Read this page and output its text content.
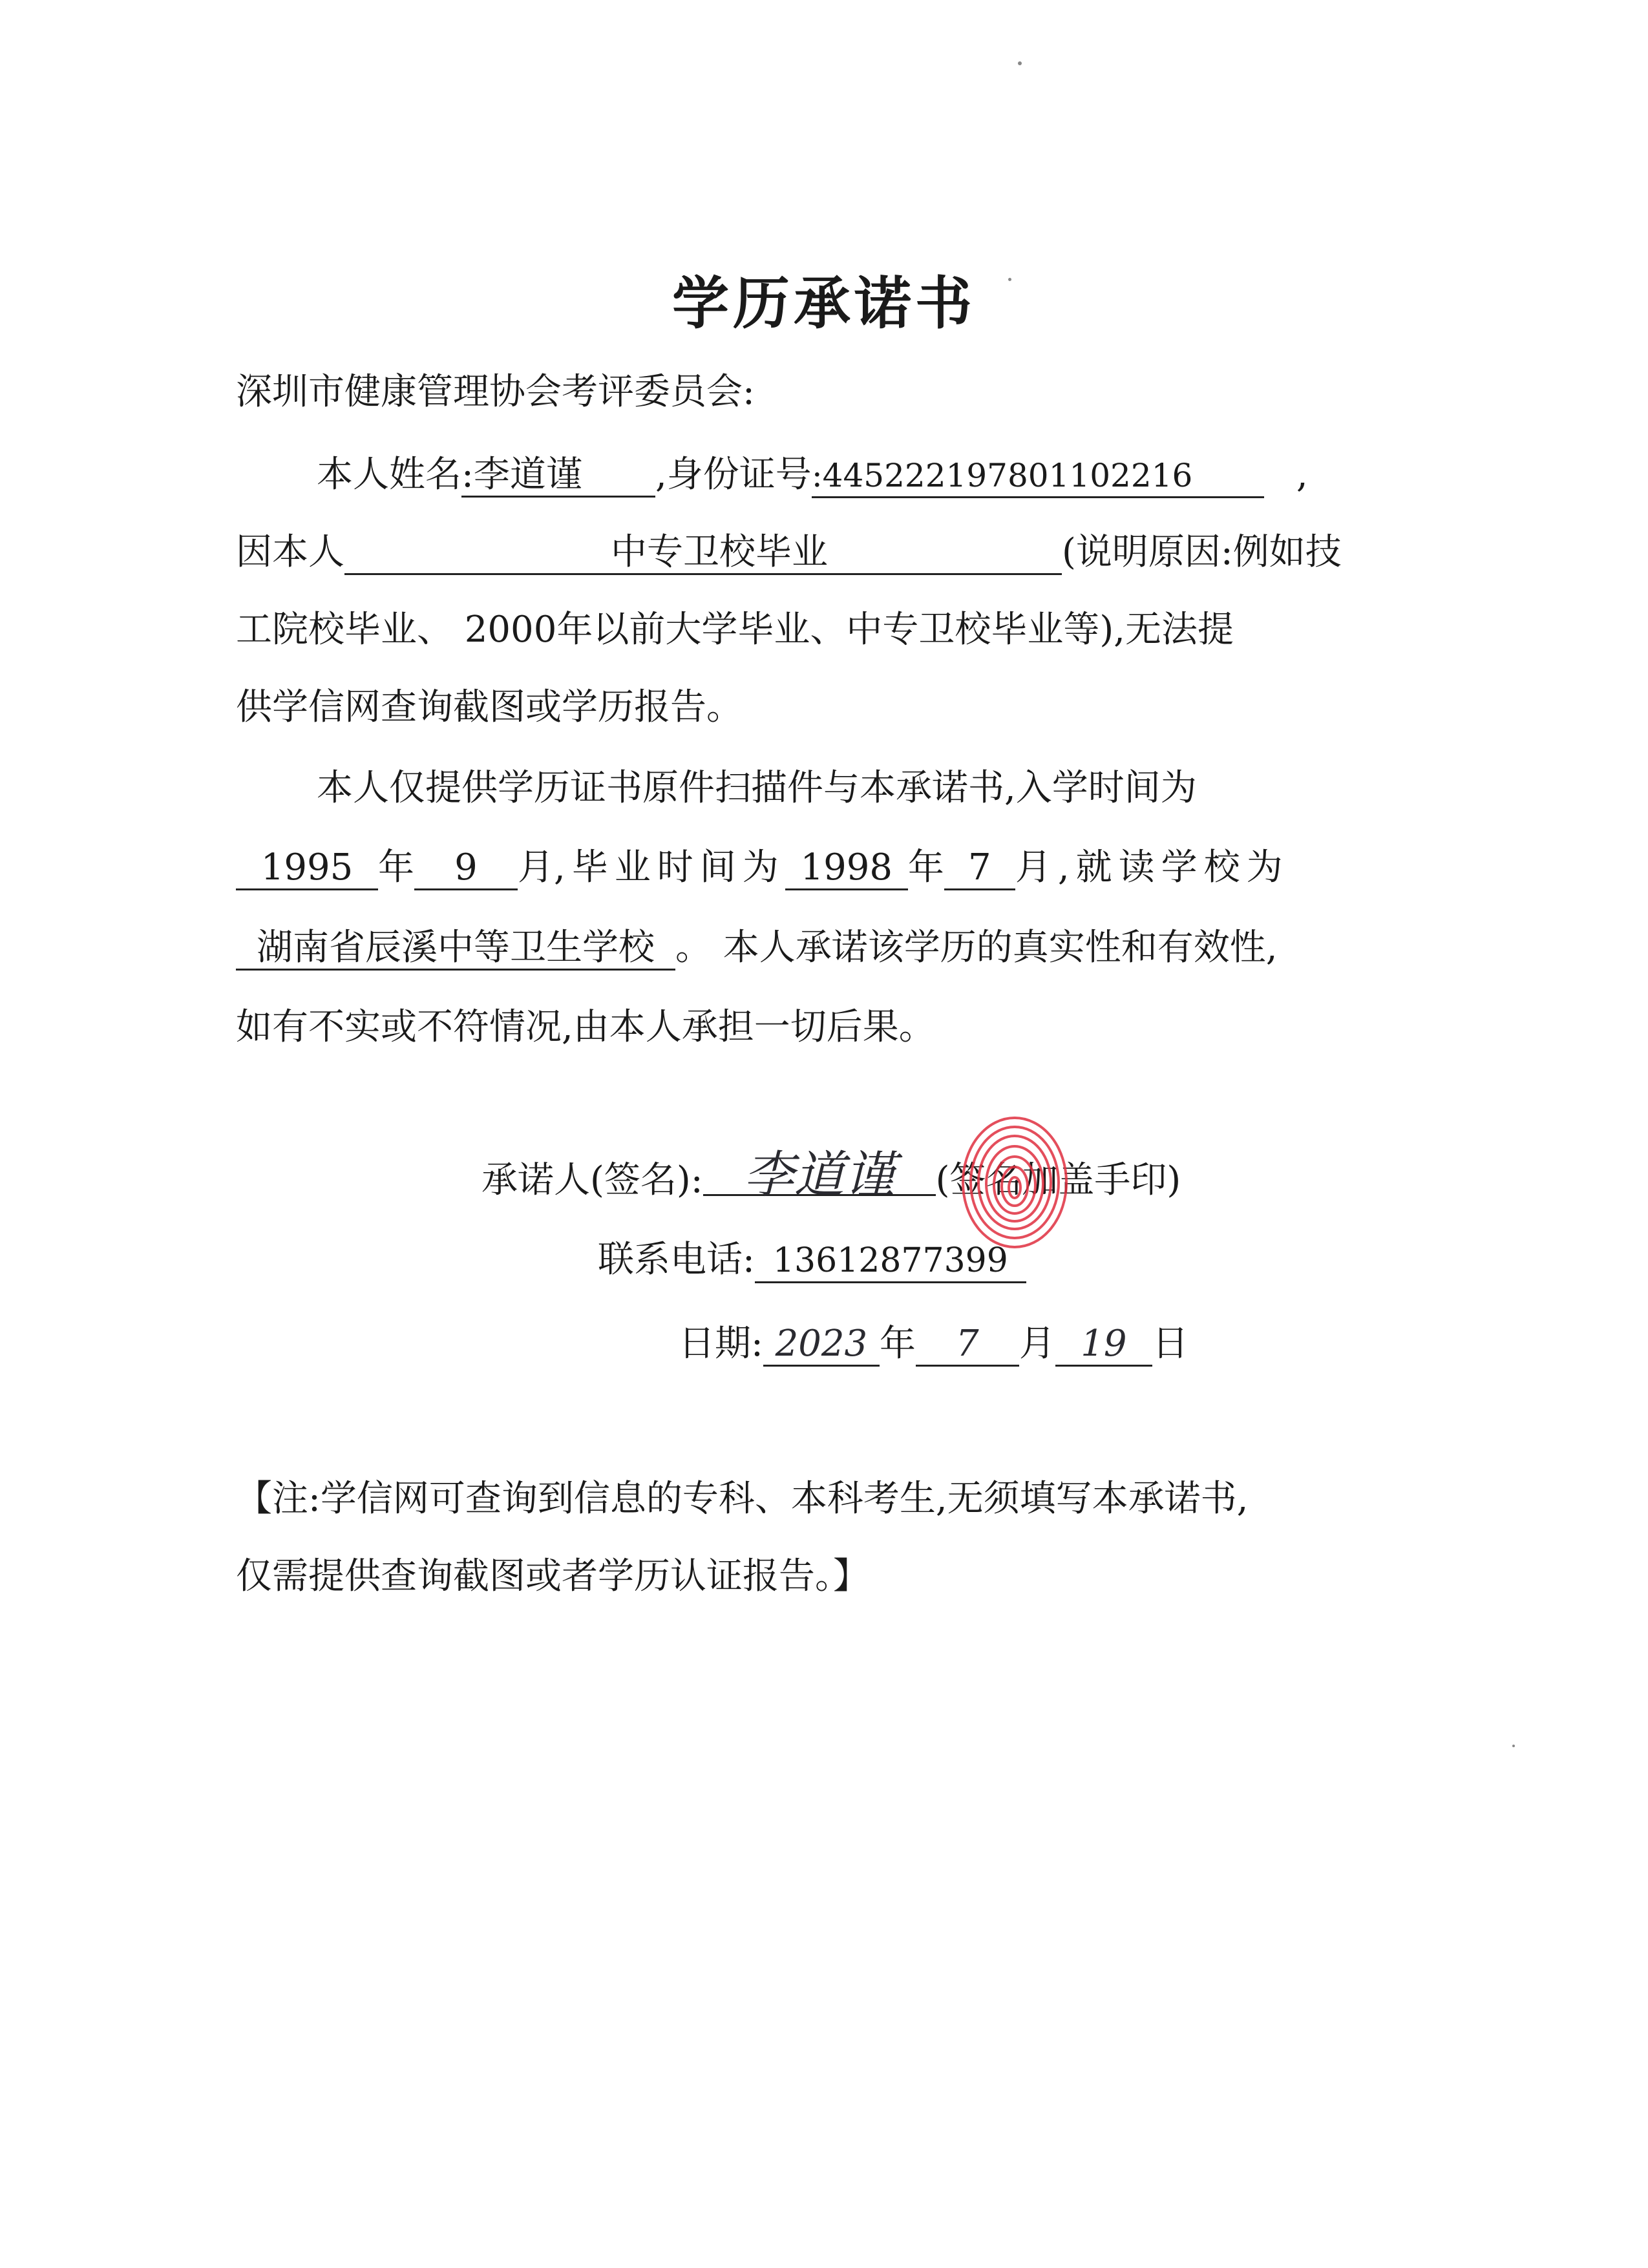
学历承诺书
深圳市健康管理协会考评委员会:
本人姓名:李道谨 ,身份证号:445222197801102216	,
因本人	中专卫校毕业	(说明原因:例如技
工院校毕业、 2000年以前大学毕业、中专卫校毕业等),无法提
供学信网查询截图或学历报告。
本人仅提供学历证书原件扫描件与本承诺书,入学时间为
1995 年 9 月,毕业时间为 1998 年 7 月,就读学校为
湖南省辰溪中等卫生学校 。 本人承诺该学历的真实性和有效性,
如有不实或不符情况,由本人承担一切后果。
承诺人(签名): 李道谨 (签名加盖手印)
联系电话: 13612877399
日期: 2023 年 7 月 19 日
【注:学信网可查询到信息的专科、本科考生,无须填写本承诺书,
仅需提供查询截图或者学历认证报告。】
